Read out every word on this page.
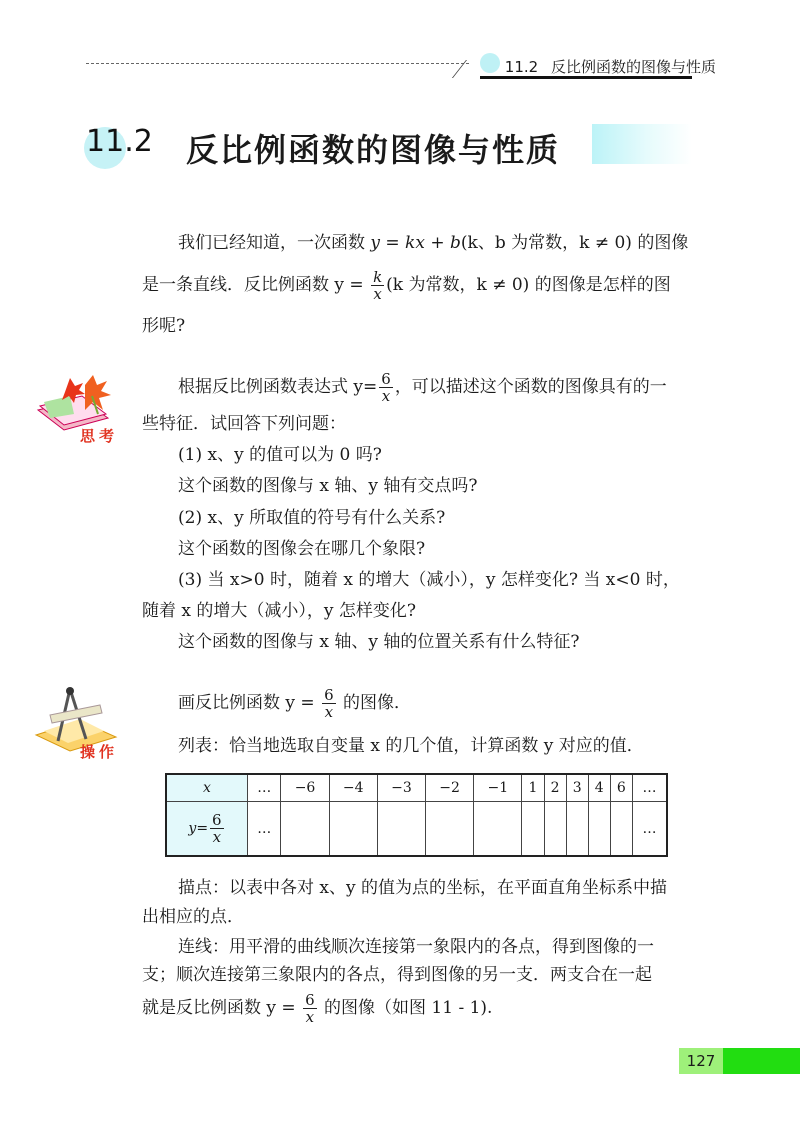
11.2 反比例函数的图像与性质
11.2 反比例函数的图像与性质
我们已经知道，一次函数 y = kx + b(k、b 为常数，k ≠ 0) 的图像
是一条直线．反比例函数 $y = \frac{k}{x} (k$ 为常数，k ≠ 0) 的图像是怎样的图
形呢?
思考
根据反比例函数表达式 $y= \frac{6}{x}$ ，可以描述这个函数的图像具有的一
些特征．试回答下列问题：
(1) x、y 的值可以为 0 吗?
这个函数的图像与 x 轴、y 轴有交点吗?
(2) x、y 所取值的符号有什么关系?
这个函数的图像会在哪几个象限?
(3) 当 x>0 时，随着 x 的增大（减小），y 怎样变化? 当 x<0 时，
随着 x 的增大（减小），y 怎样变化?
这个函数的图像与 x 轴、y 轴的位置关系有什么特征?
操作
画反比例函数 $y = \frac{6}{x}$ 的图像．
列表：恰当地选取自变量 x 的几个值，计算函数 y 对应的值．
x	…	−6	−4	−3	−2	−1	1	2	3	4	6	…
$y= \frac{6}{x}$	…											…
描点：以表中各对 x、y 的值为点的坐标，在平面直角坐标系中描
出相应的点．
连线：用平滑的曲线顺次连接第一象限内的各点，得到图像的一
支；顺次连接第三象限内的各点，得到图像的另一支．两支合在一起
就是反比例函数 $y = \frac{6}{x}$ 的图像（如图 11 - 1).
127
